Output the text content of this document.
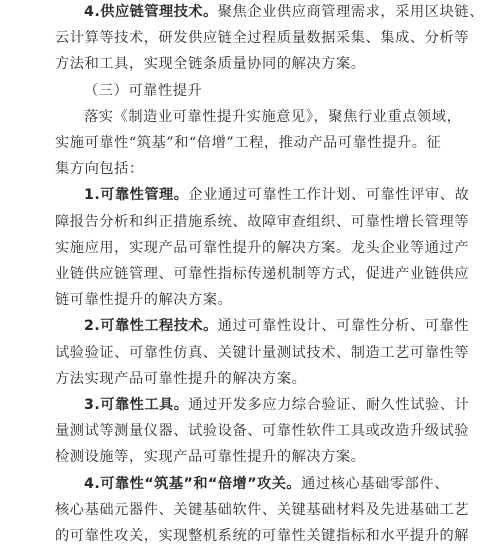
4.供应链管理技术。聚焦企业供应商管理需求，采用区块链、
云计算等技术，研发供应链全过程质量数据采集、集成、分析等
方法和工具，实现全链条质量协同的解决方案。
（三）可靠性提升
落实《制造业可靠性提升实施意见》，聚焦行业重点领域，
实施可靠性“筑基”和“倍增”工程，推动产品可靠性提升。征
集方向包括：
1.可靠性管理。企业通过可靠性工作计划、可靠性评审、故
障报告分析和纠正措施系统、故障审查组织、可靠性增长管理等
实施应用，实现产品可靠性提升的解决方案。龙头企业等通过产
业链供应链管理、可靠性指标传递机制等方式，促进产业链供应
链可靠性提升的解决方案。
2.可靠性工程技术。通过可靠性设计、可靠性分析、可靠性
试验验证、可靠性仿真、关键计量测试技术、制造工艺可靠性等
方法实现产品可靠性提升的解决方案。
3.可靠性工具。通过开发多应力综合验证、耐久性试验、计
量测试等测量仪器、试验设备、可靠性软件工具或改造升级试验
检测设施等，实现产品可靠性提升的解决方案。
4.可靠性“筑基”和“倍增”攻关。通过核心基础零部件、
核心基础元器件、关键基础软件、关键基础材料及先进基础工艺
的可靠性攻关，实现整机系统的可靠性关键指标和水平提升的解
